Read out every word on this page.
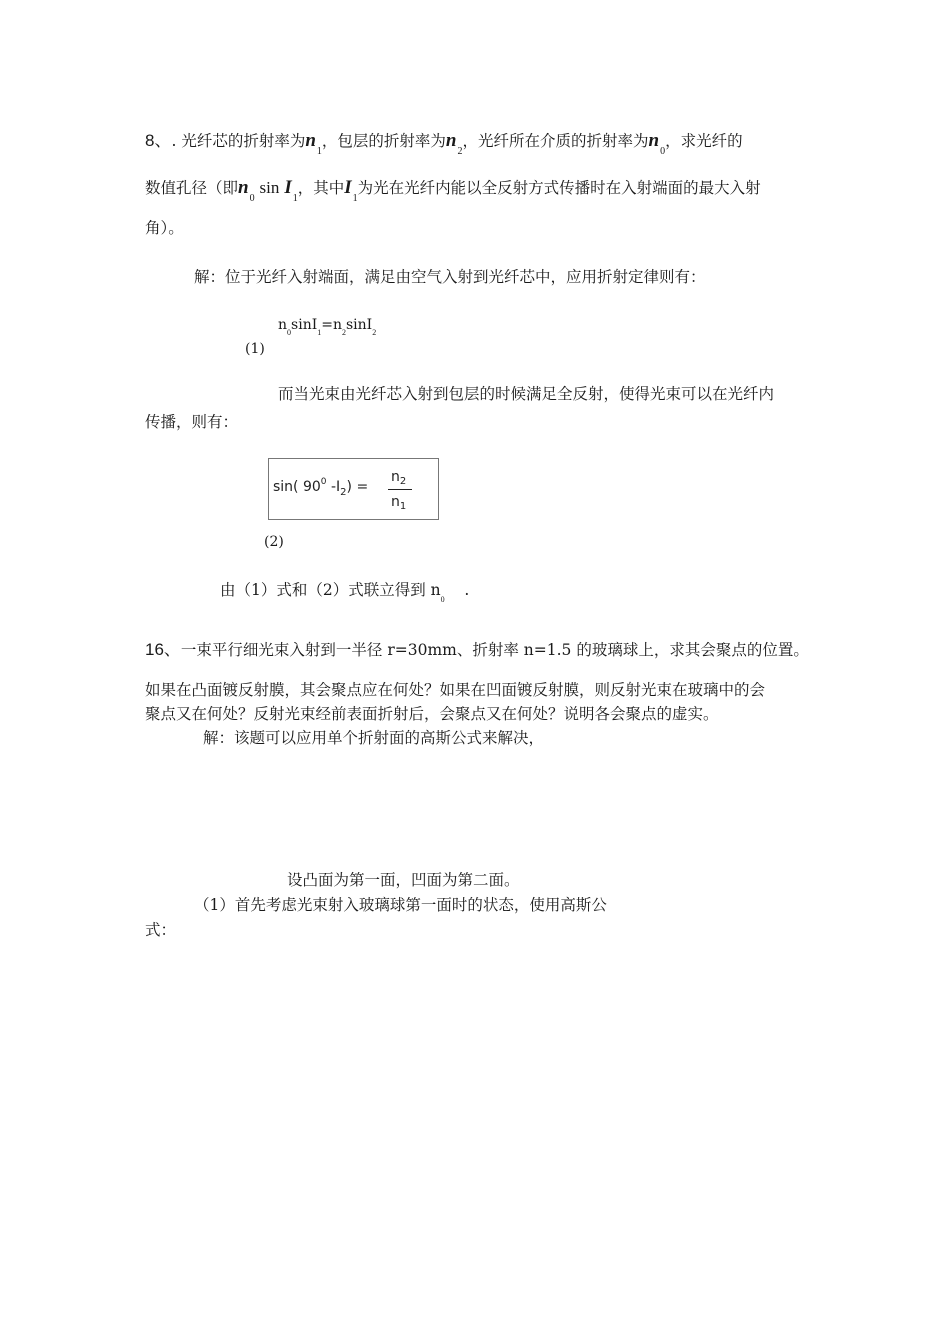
8、. 光纤芯的折射率为$n_1$，包层的折射率为$n_2$，光纤所在介质的折射率为$n_0$，求光纤的
数值孔径（即$n_0$ $\sin I_1$，其中$I_1$为光在光纤内能以全反射方式传播时在入射端面的最大入射
角）。
解：位于光纤入射端面，满足由空气入射到光纤芯中，应用折射定律则有：
$n_0\sin I_1=n_2\sin I_2$
(1)
而当光束由光纤芯入射到包层的时候满足全反射，使得光束可以在光纤内
传播，则有：
sin( $90^0$ $-I_2$) =
$n_2$
$n_1$
(2)
由（1）式和（2）式联立得到 $n_0$    .
16、一束平行细光束入射到一半径 r=30mm、折射率 n=1.5 的玻璃球上，求其会聚点的位置。
如果在凸面镀反射膜，其会聚点应在何处？如果在凹面镀反射膜，则反射光束在玻璃中的会
聚点又在何处？反射光束经前表面折射后，会聚点又在何处？说明各会聚点的虚实。
解：该题可以应用单个折射面的高斯公式来解决，
设凸面为第一面，凹面为第二面。
（1）首先考虑光束射入玻璃球第一面时的状态，使用高斯公
式：
